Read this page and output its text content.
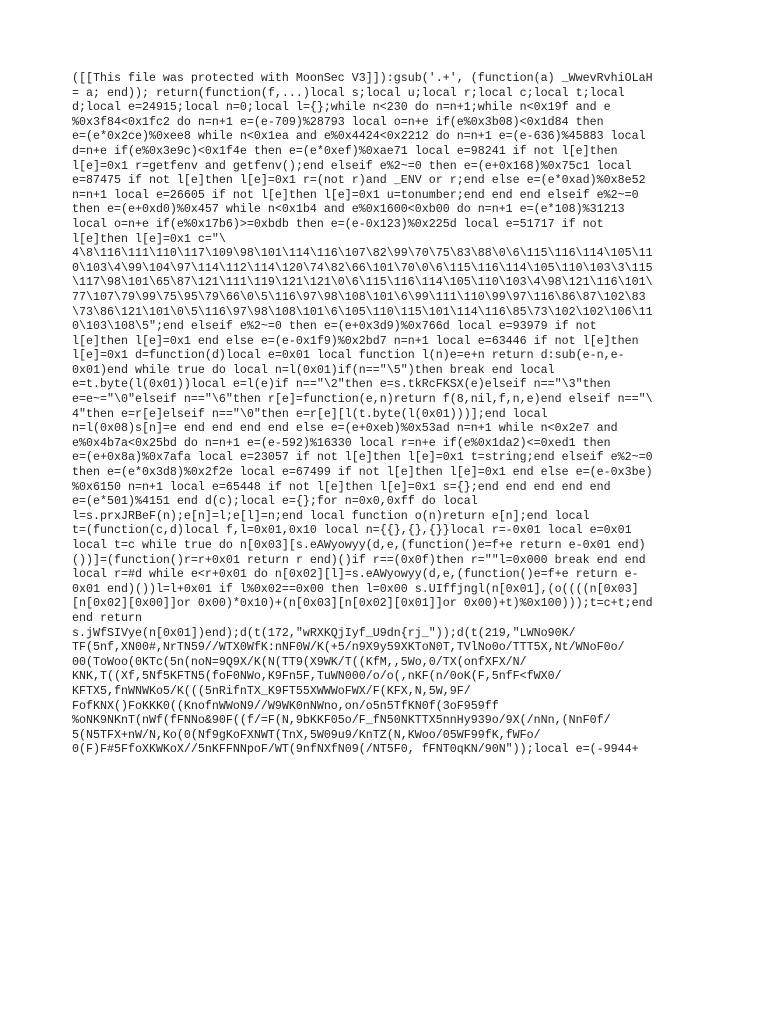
([[This file was protected with MoonSec V3]]):gsub('.+', (function(a) _WwevRvhiOLaH
= a; end)); return(function(f,...)local s;local u;local r;local c;local t;local
d;local e=24915;local n=0;local l={};while n<230 do n=n+1;while n<0x19f and e
%0x3f84<0x1fc2 do n=n+1 e=(e-709)%28793 local o=n+e if(e%0x3b08)<0x1d84 then
e=(e*0x2ce)%0xee8 while n<0x1ea and e%0x4424<0x2212 do n=n+1 e=(e-636)%45883 local
d=n+e if(e%0x3e9c)<0x1f4e then e=(e*0xef)%0xae71 local e=98241 if not l[e]then
l[e]=0x1 r=getfenv and getfenv();end elseif e%2~=0 then e=(e+0x168)%0x75c1 local
e=87475 if not l[e]then l[e]=0x1 r=(not r)and _ENV or r;end else e=(e*0xad)%0x8e52
n=n+1 local e=26605 if not l[e]then l[e]=0x1 u=tonumber;end end end elseif e%2~=0
then e=(e+0xd0)%0x457 while n<0x1b4 and e%0x1600<0xb00 do n=n+1 e=(e*108)%31213
local o=n+e if(e%0x17b6)>=0xbdb then e=(e-0x123)%0x225d local e=51717 if not
l[e]then l[e]=0x1 c="\
4\8\116\111\110\117\109\98\101\114\116\107\82\99\70\75\83\88\0\6\115\116\114\105\11
0\103\4\99\104\97\114\112\114\120\74\82\66\101\70\0\6\115\116\114\105\110\103\3\115
\117\98\101\65\87\121\111\119\121\121\0\6\115\116\114\105\110\103\4\98\121\116\101\
77\107\79\99\75\95\79\66\0\5\116\97\98\108\101\6\99\111\110\99\97\116\86\87\102\83
\73\86\121\101\0\5\116\97\98\108\101\6\105\110\115\101\114\116\85\73\102\102\106\11
0\103\108\5";end elseif e%2~=0 then e=(e+0x3d9)%0x766d local e=93979 if not
l[e]then l[e]=0x1 end else e=(e-0x1f9)%0x2bd7 n=n+1 local e=63446 if not l[e]then
l[e]=0x1 d=function(d)local e=0x01 local function l(n)e=e+n return d:sub(e-n,e-
0x01)end while true do local n=l(0x01)if(n=="\5")then break end local
e=t.byte(l(0x01))local e=l(e)if n=="\2"then e=s.tkRcFKSX(e)elseif n=="\3"then
e=e~="\0"elseif n=="\6"then r[e]=function(e,n)return f(8,nil,f,n,e)end elseif n=="\
4"then e=r[e]elseif n=="\0"then e=r[e][l(t.byte(l(0x01)))];end local
n=l(0x08)s[n]=e end end end end else e=(e+0xeb)%0x53ad n=n+1 while n<0x2e7 and
e%0x4b7a<0x25bd do n=n+1 e=(e-592)%16330 local r=n+e if(e%0x1da2)<=0xed1 then
e=(e+0x8a)%0x7afa local e=23057 if not l[e]then l[e]=0x1 t=string;end elseif e%2~=0
then e=(e*0x3d8)%0x2f2e local e=67499 if not l[e]then l[e]=0x1 end else e=(e-0x3be)
%0x6150 n=n+1 local e=65448 if not l[e]then l[e]=0x1 s={};end end end end end
e=(e*501)%4151 end d(c);local e={};for n=0x0,0xff do local
l=s.prxJRBeF(n);e[n]=l;e[l]=n;end local function o(n)return e[n];end local
t=(function(c,d)local f,l=0x01,0x10 local n={{},{},{}}local r=-0x01 local e=0x01
local t=c while true do n[0x03][s.eAWyowyy(d,e,(function()e=f+e return e-0x01 end)
())]=(function()r=r+0x01 return r end)()if r==(0x0f)then r=""l=0x000 break end end
local r=#d while e<r+0x01 do n[0x02][l]=s.eAWyowyy(d,e,(function()e=f+e return e-
0x01 end)())l=l+0x01 if l%0x02==0x00 then l=0x00 s.UIffjngl(n[0x01],(o((((n[0x03]
[n[0x02][0x00]]or 0x00)*0x10)+(n[0x03][n[0x02][0x01]]or 0x00)+t)%0x100)));t=c+t;end
end return
s.jWfSIVye(n[0x01])end);d(t(172,"wRXKQjIyf_U9dn{rj_"));d(t(219,"LWNo90K/
TF(5nf,XN00#,NrTN59//WTX0WfK:nNF0W/K(+5/n9X9y59XKToN0T,TVlNo0o/TTT5X,Nt/WNoF0o/
00(ToWoo(0KTc(5n(noN=9Q9X/K(N(TT9(X9WK/T((KfM,,5Wo,0/TX(onfXFX/N/
KNK,T((Xf,5Nf5KFTN5(foF0NWo,K9Fn5F,TuWN000/o/o(,nKF(n/0oK(F,5nfF<fWX0/
KFTX5,fnWNWKo5/K(((5nRifnTX_K9FT55XWWWoFWX/F(KFX,N,5W,9F/
FofKNX()FoKKK0((KnofnWWoN9//W9WK0nNWno,on/o5n5TfKN0f(3oF959ff
%oNK9NKnT(nWf(fFNNo&90F((f/=F(N,9bKKF05o/F_fN50NKTTX5nnHy939o/9X(/nNn,(NnF0f/
5(N5TFX+nW/N,Ko(0(Nf9gKoFXNWT(TnX,5W09u9/KnTZ(N,KWoo/05WF99fK,fWFo/
0(F)F#5FfoXKWKoX//5nKFFNNpoF/WT(9nfNXfN09(/NT5F0, fFNT0qKN/90N"));local e=(-9944+
